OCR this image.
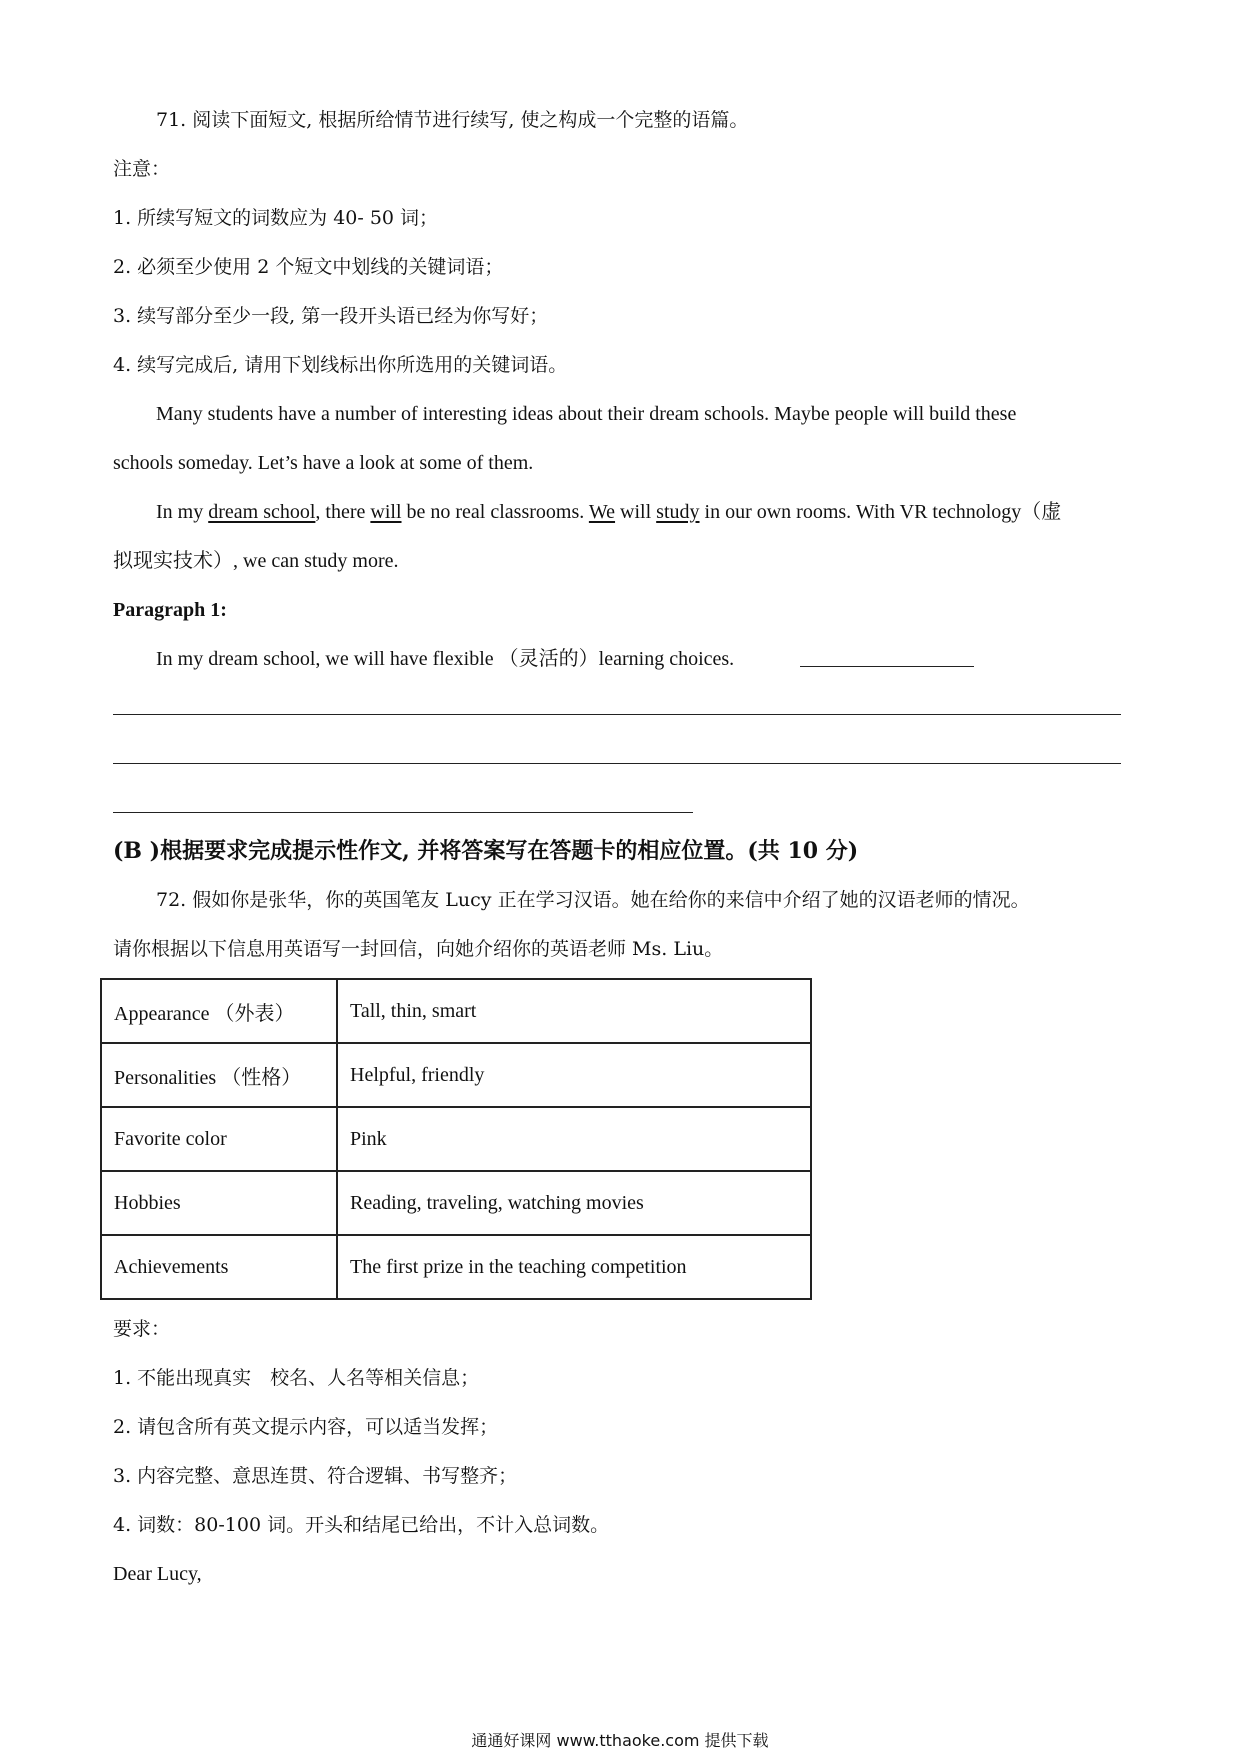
71. 阅读下面短文, 根据所给情节进行续写, 使之构成一个完整的语篇。
注意：
1. 所续写短文的词数应为 40- 50 词；
2. 必须至少使用 2 个短文中划线的关键词语；
3. 续写部分至少一段, 第一段开头语已经为你写好；
4. 续写完成后, 请用下划线标出你所选用的关键词语。
Many students have a number of interesting ideas about their dream schools. Maybe people will build these
schools someday. Let’s have a look at some of them.
In my dream school, there will be no real classrooms. We will study in our own rooms. With VR technology（虚
拟现实技术）, we can study more.
Paragraph 1:
In my dream school, we will have flexible （灵活的）learning choices.
(B )根据要求完成提示性作文, 并将答案写在答题卡的相应位置。(共 10 分)
72. 假如你是张华，你的英国笔友 Lucy 正在学习汉语。她在给你的来信中介绍了她的汉语老师的情况。
请你根据以下信息用英语写一封回信，向她介绍你的英语老师 Ms. Liu。
Appearance （外表）	Tall, thin, smart
Personalities （性格）	Helpful, friendly
Favorite color	Pink
Hobbies	Reading, traveling, watching movies
Achievements	The first prize in the teaching competition
要求：
1. 不能出现真实　校名、人名等相关信息；
2. 请包含所有英文提示内容，可以适当发挥；
3. 内容完整、意思连贯、符合逻辑、书写整齐；
4. 词数：80-100 词。开头和结尾已给出，不计入总词数。
Dear Lucy,
通通好课网 www.tthaoke.com 提供下载
